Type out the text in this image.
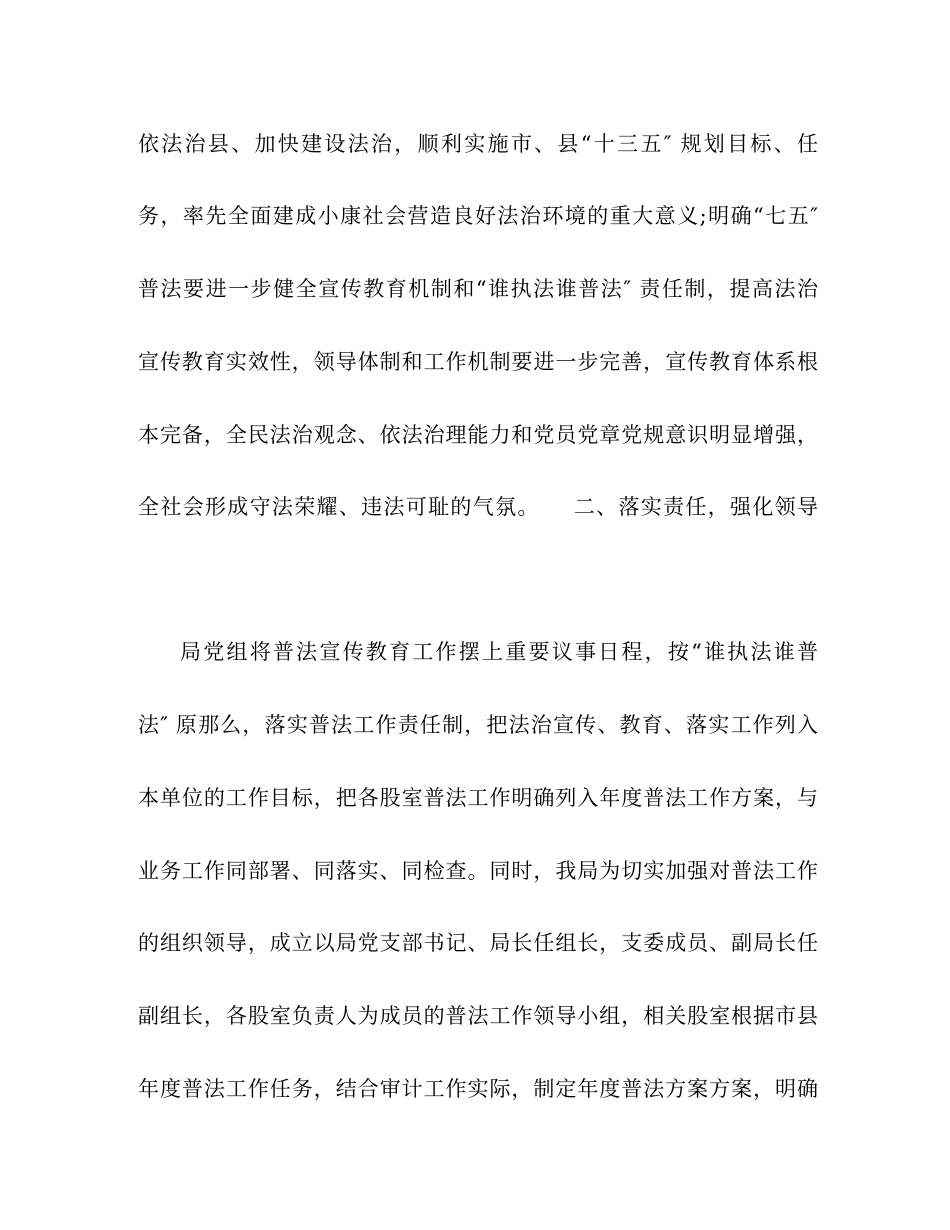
依法治县、加快建设法治，顺利实施市、县“十三五″ 规划目标、任
务，率先全面建成小康社会营造良好法治环境的重大意义;明确“七五″
普法要进一步健全宣传教育机制和“谁执法谁普法″ 责任制，提高法治
宣传教育实效性，领导体制和工作机制要进一步完善，宣传教育体系根
本完备，全民法治观念、依法治理能力和党员党章党规意识明显增强，
全社会形成守法荣耀、违法可耻的气氛。　　二、落实责任，强化领导
局党组将普法宣传教育工作摆上重要议事日程，按“谁执法谁普
法″ 原那么，落实普法工作责任制，把法治宣传、教育、落实工作列入
本单位的工作目标，把各股室普法工作明确列入年度普法工作方案，与
业务工作同部署、同落实、同检查。同时，我局为切实加强对普法工作
的组织领导，成立以局党支部书记、局长任组长，支委成员、副局长任
副组长，各股室负责人为成员的普法工作领导小组，相关股室根据市县
年度普法工作任务，结合审计工作实际，制定年度普法方案方案，明确
